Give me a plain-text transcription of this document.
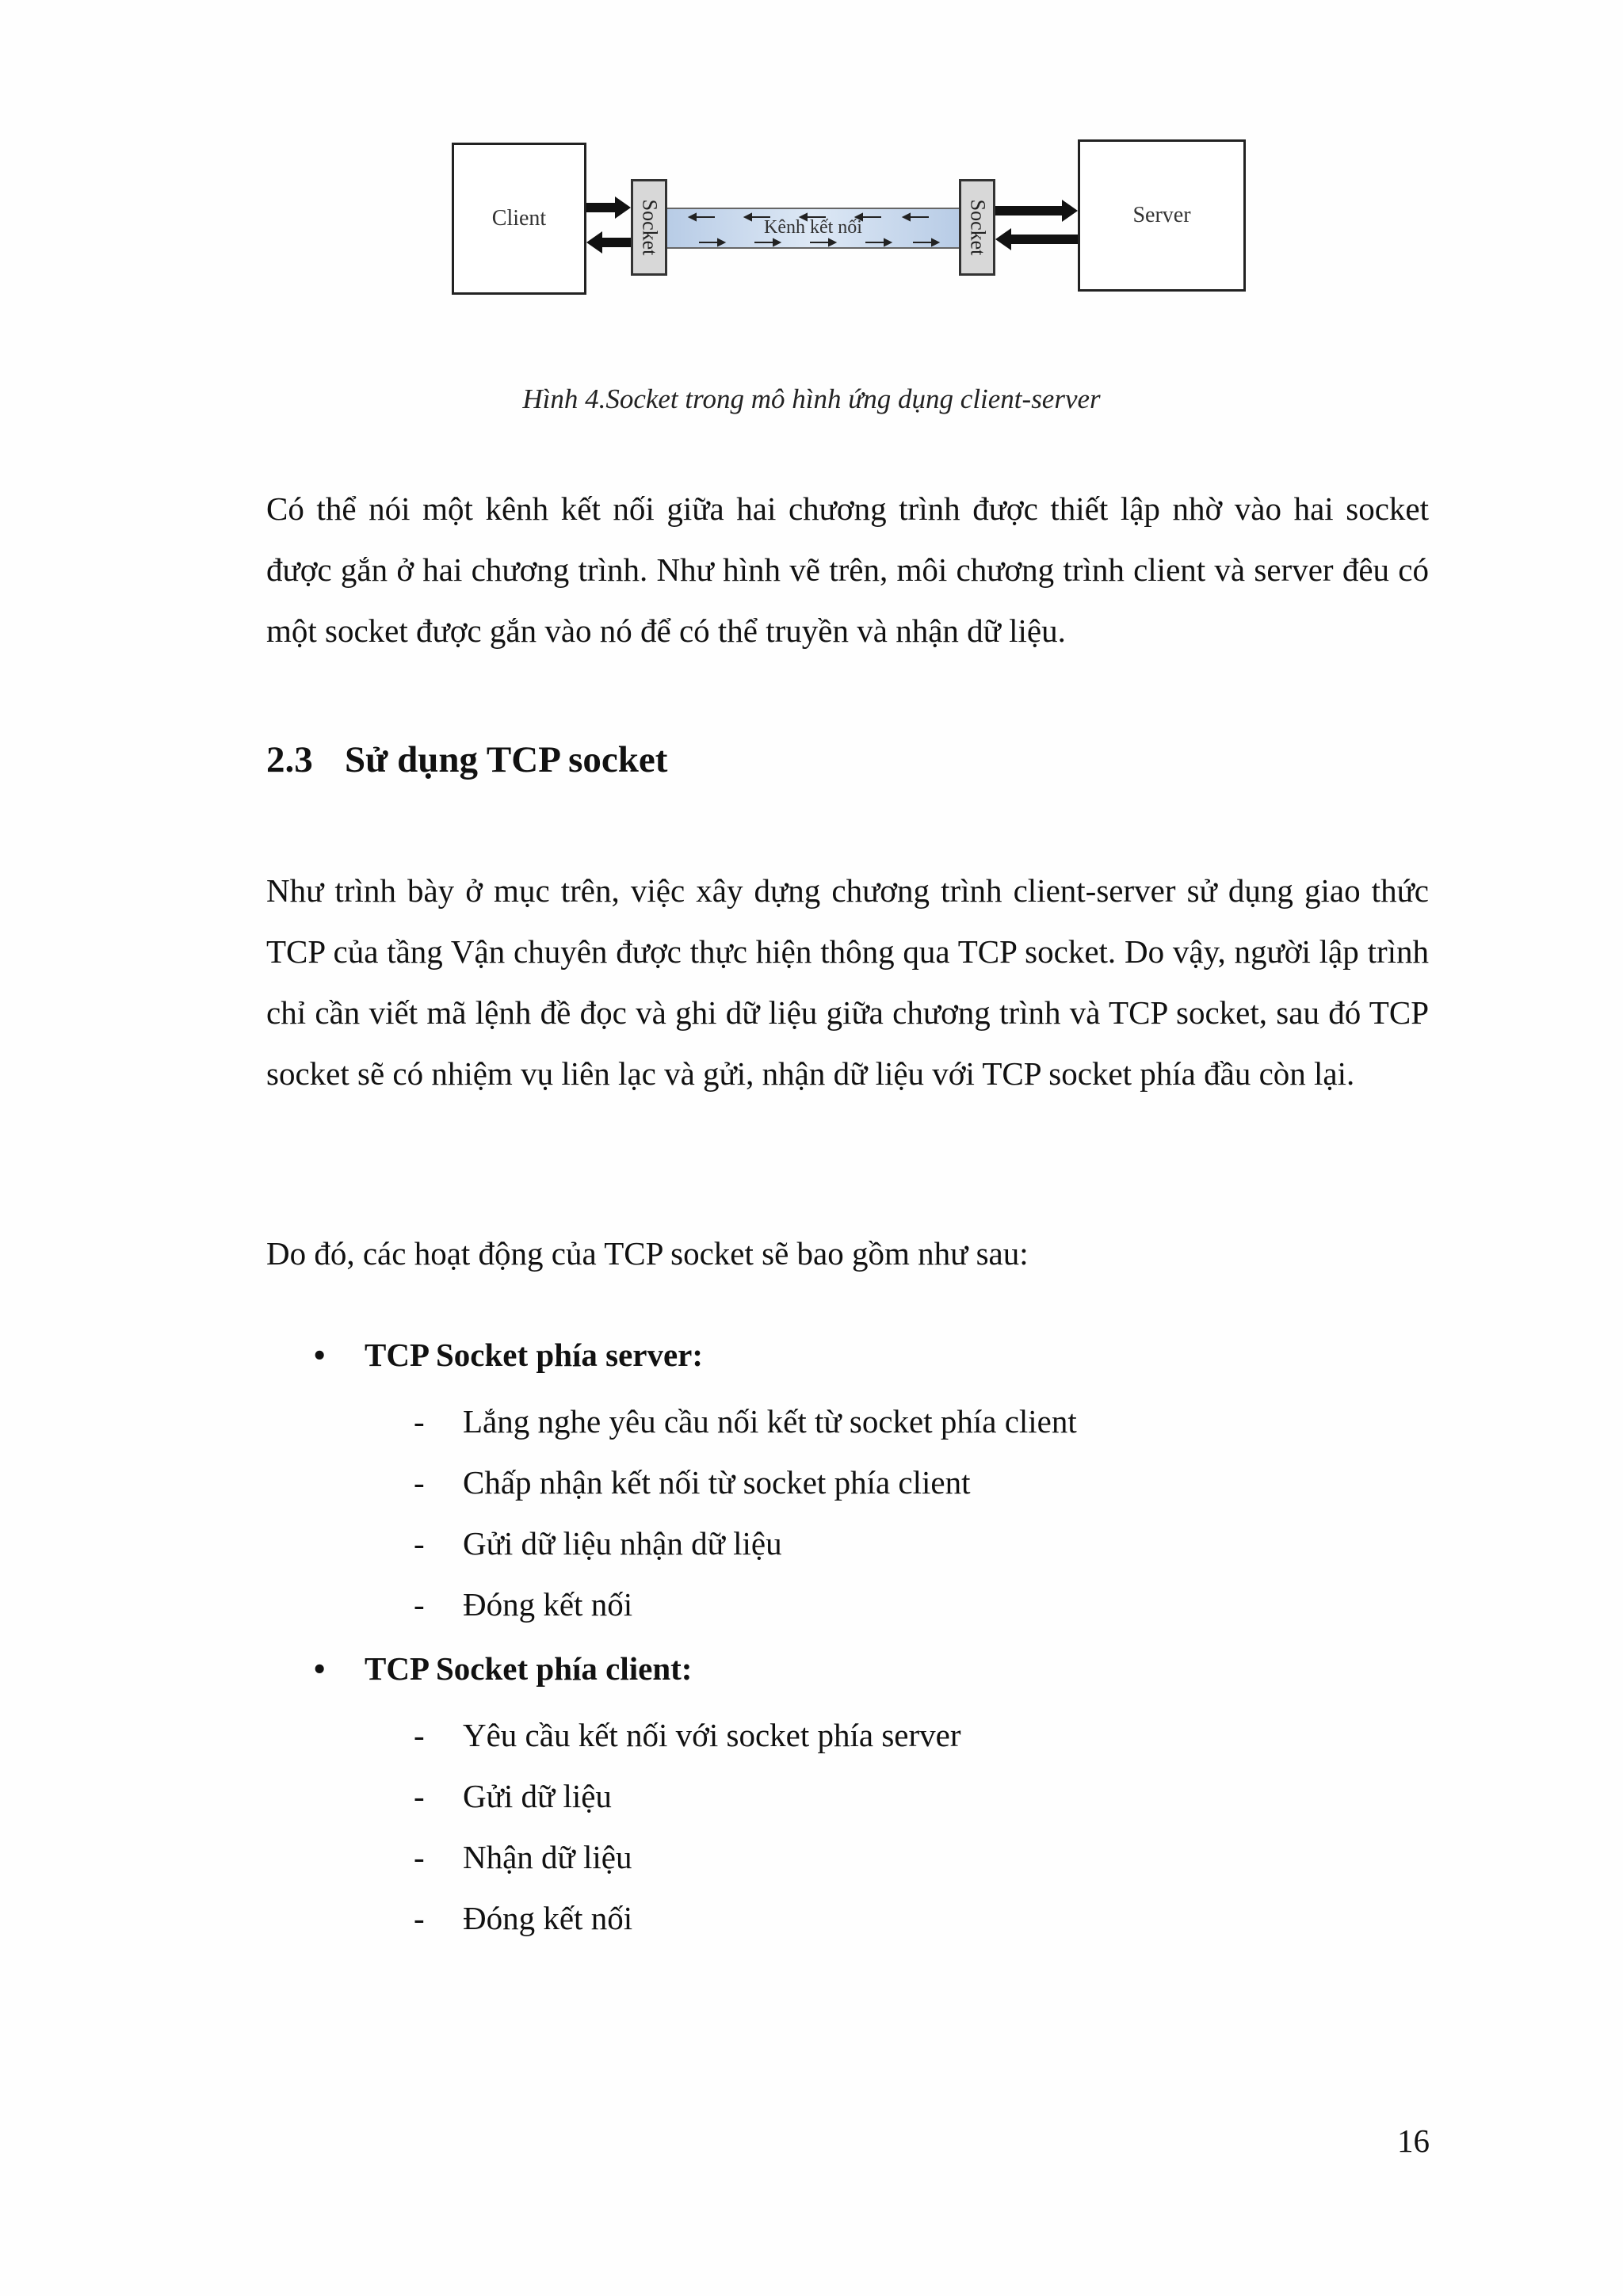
Client	Socket	Kênh kết nối	Socket	Server
Hình 4.Socket trong mô hình ứng dụng client-server

Có thể nói một kênh kết nối giữa hai chương trình được thiết lập nhờ vào hai socket được gắn ở hai chương trình. Như hình vẽ trên, môi chương trình client và server đêu có một socket được gắn vào nó để có thể truyền và nhận dữ liệu.

2.3 Sử dụng TCP socket

Như trình bày ở mục trên, việc xây dựng chương trình client-server sử dụng giao thức TCP của tầng Vận chuyên được thực hiện thông qua TCP socket. Do vậy, người lập trình chỉ cần viết mã lệnh đề đọc và ghi dữ liệu giữa chương trình và TCP socket, sau đó TCP socket sẽ có nhiệm vụ liên lạc và gửi, nhận dữ liệu với TCP socket phía đầu còn lại.

Do đó, các hoạt động của TCP socket sẽ bao gồm như sau:

• TCP Socket phía server:
- Lắng nghe yêu cầu nối kết từ socket phía client
- Chấp nhận kết nối từ socket phía client
- Gửi dữ liệu nhận dữ liệu
- Đóng kết nối
• TCP Socket phía client:
- Yêu cầu kết nối với socket phía server
- Gửi dữ liệu
- Nhận dữ liệu
- Đóng kết nối
16
